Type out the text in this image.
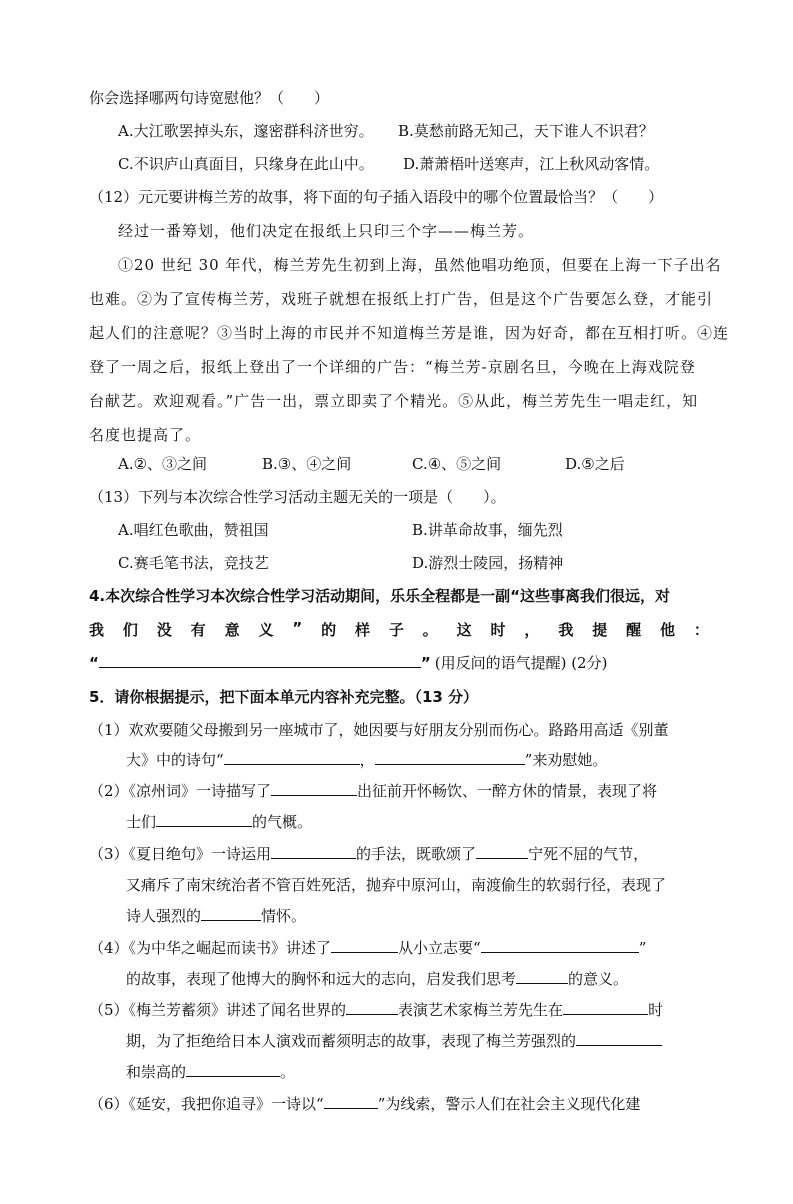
你会选择哪两句诗宽慰他？（　　）
A.大江歌罢掉头东，邃密群科济世穷。 B.莫愁前路无知己，天下谁人不识君？
C.不识庐山真面目，只缘身在此山中。 D.萧萧梧叶送寒声，江上秋风动客情。
（12）元元要讲梅兰芳的故事，将下面的句子插入语段中的哪个位置最恰当？（　　）
经过一番筹划，他们决定在报纸上只印三个字——梅兰芳。
①20 世纪 30 年代，梅兰芳先生初到上海，虽然他唱功绝顶，但要在上海一下子出名
也难。②为了宣传梅兰芳，戏班子就想在报纸上打广告，但是这个广告要怎么登，才能引
起人们的注意呢？③当时上海的市民并不知道梅兰芳是谁，因为好奇，都在互相打听。④连
登了一周之后，报纸上登出了一个详细的广告：“梅兰芳-京剧名旦，今晚在上海戏院登
台献艺。欢迎观看。”广告一出，票立即卖了个精光。⑤从此，梅兰芳先生一唱走红，知
名度也提高了。
A.②、③之间	B.③、④之间	C.④、⑤之间	D.⑤之后
（13）下列与本次综合性学习活动主题无关的一项是（　　）。
A.唱红色歌曲，赞祖国	B.讲革命故事，缅先烈
C.赛毛笔书法，竞技艺	D.游烈士陵园，扬精神
4.本次综合性学习本次综合性学习活动期间，乐乐全程都是一副“这些事离我们很远，对
我 们 没 有 意 义 ” 的 样 子 。 这 时 ， 我 提 醒 他 ：
“	” (用反问的语气提醒) (2分)
5．请你根据提示，把下面本单元内容补充完整。（13 分）
（1）欢欢要随父母搬到另一座城市了，她因要与好朋友分别而伤心。路路用高适《别董
大》中的诗句“	，	”来劝慰她。
（2）《凉州词》一诗描写了	出征前开怀畅饮、一醉方休的情景，表现了将
士们	的气概。
（3）《夏日绝句》一诗运用	的手法，既歌颂了	宁死不屈的气节，
又痛斥了南宋统治者不管百姓死活，抛弃中原河山，南渡偷生的软弱行径，表现了
诗人强烈的	情怀。
（4）《为中华之崛起而读书》讲述了	从小立志要“	”
的故事，表现了他博大的胸怀和远大的志向，启发我们思考	的意义。
（5）《梅兰芳蓄须》讲述了闻名世界的	表演艺术家梅兰芳先生在	时
期，为了拒绝给日本人演戏而蓄须明志的故事，表现了梅兰芳强烈的
和崇高的	。
（6）《延安，我把你追寻》一诗以“	”为线索，警示人们在社会主义现代化建
